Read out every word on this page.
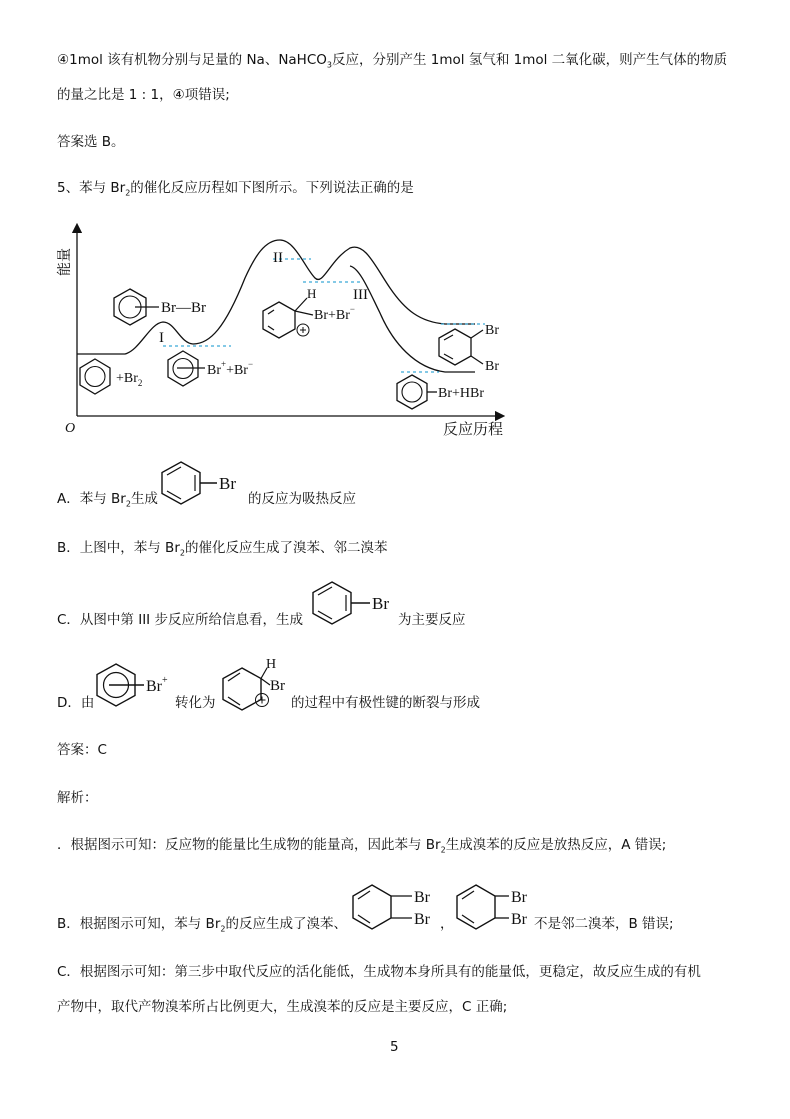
④1mol 该有机物分别与足量的 Na、NaHCO$_3$反应，分别产生 1mol 氢气和 1mol 二氧化碳，则产生气体的物质
的量之比是 1 : 1，④项错误;
答案选 B。
5、苯与 $Br_2$的催化反应历程如下图所示。下列说法正确的是
能量
O	反应历程
I
II
III
Br—Br
$+Br_2$
Br++Br−
H
Br+Br−
Br
Br
Br+HBr
A．苯与 $Br_2$生成
Br
的反应为吸热反应
B．上图中，苯与 $Br_2$的催化反应生成了溴苯、邻二溴苯
C．从图中第 III 步反应所给信息看，生成
Br
为主要反应
D．由
Br+
转化为
H
Br
的过程中有极性键的断裂与形成
答案：C
解析：
．根据图示可知：反应物的能量比生成物的能量高，因此苯与 $Br_2$生成溴苯的反应是放热反应，A 错误;
B．根据图示可知，苯与 $Br_2$的反应生成了溴苯、
Br
Br ，
Br
Br 不是邻二溴苯，B 错误;
C．根据图示可知：第三步中取代反应的活化能低，生成物本身所具有的能量低，更稳定，故反应生成的有机
产物中，取代产物溴苯所占比例更大，生成溴苯的反应是主要反应，C 正确;
5
